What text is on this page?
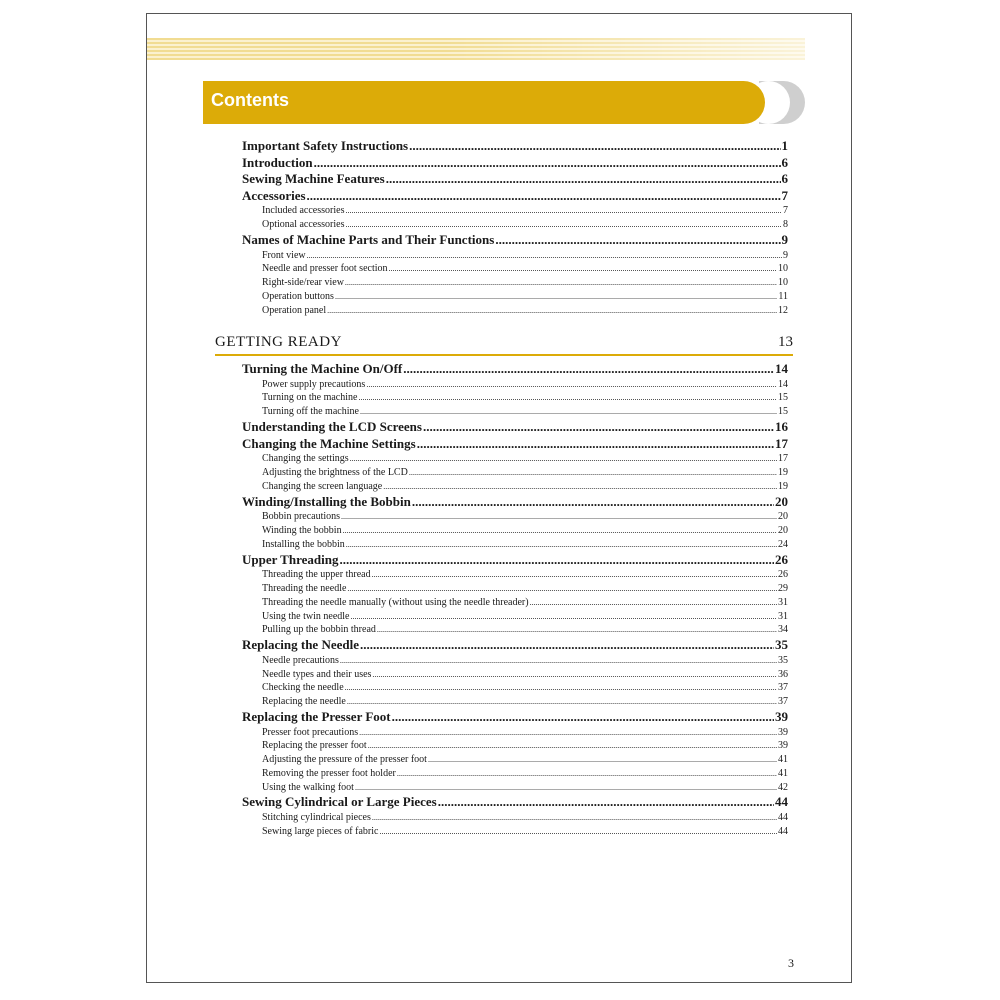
Contents
Important Safety Instructions .....	1
Introduction .....	6
Sewing Machine Features .....	6
Accessories .....	7
Included accessories .....	7
Optional accessories .....	8
Names of Machine Parts and Their Functions .....	9
Front view .....	9
Needle and presser foot section .....	10
Right-side/rear view .....	10
Operation buttons .....	11
Operation panel .....	12
GETTING READY	13
Turning the Machine On/Off .....	14
Power supply precautions .....	14
Turning on the machine .....	15
Turning off the machine .....	15
Understanding the LCD Screens .....	16
Changing the Machine Settings .....	17
Changing the settings .....	17
Adjusting the brightness of the LCD .....	19
Changing the screen language .....	19
Winding/Installing the Bobbin .....	20
Bobbin precautions .....	20
Winding the bobbin .....	20
Installing the bobbin .....	24
Upper Threading .....	26
Threading the upper thread .....	26
Threading the needle .....	29
Threading the needle manually (without using the needle threader) .....	31
Using the twin needle .....	31
Pulling up the bobbin thread .....	34
Replacing the Needle .....	35
Needle precautions .....	35
Needle types and their uses .....	36
Checking the needle .....	37
Replacing the needle .....	37
Replacing the Presser Foot .....	39
Presser foot precautions .....	39
Replacing the presser foot .....	39
Adjusting the pressure of the presser foot .....	41
Removing the presser foot holder .....	41
Using the walking foot .....	42
Sewing Cylindrical or Large Pieces .....	44
Stitching cylindrical pieces .....	44
Sewing large pieces of fabric .....	44
3
